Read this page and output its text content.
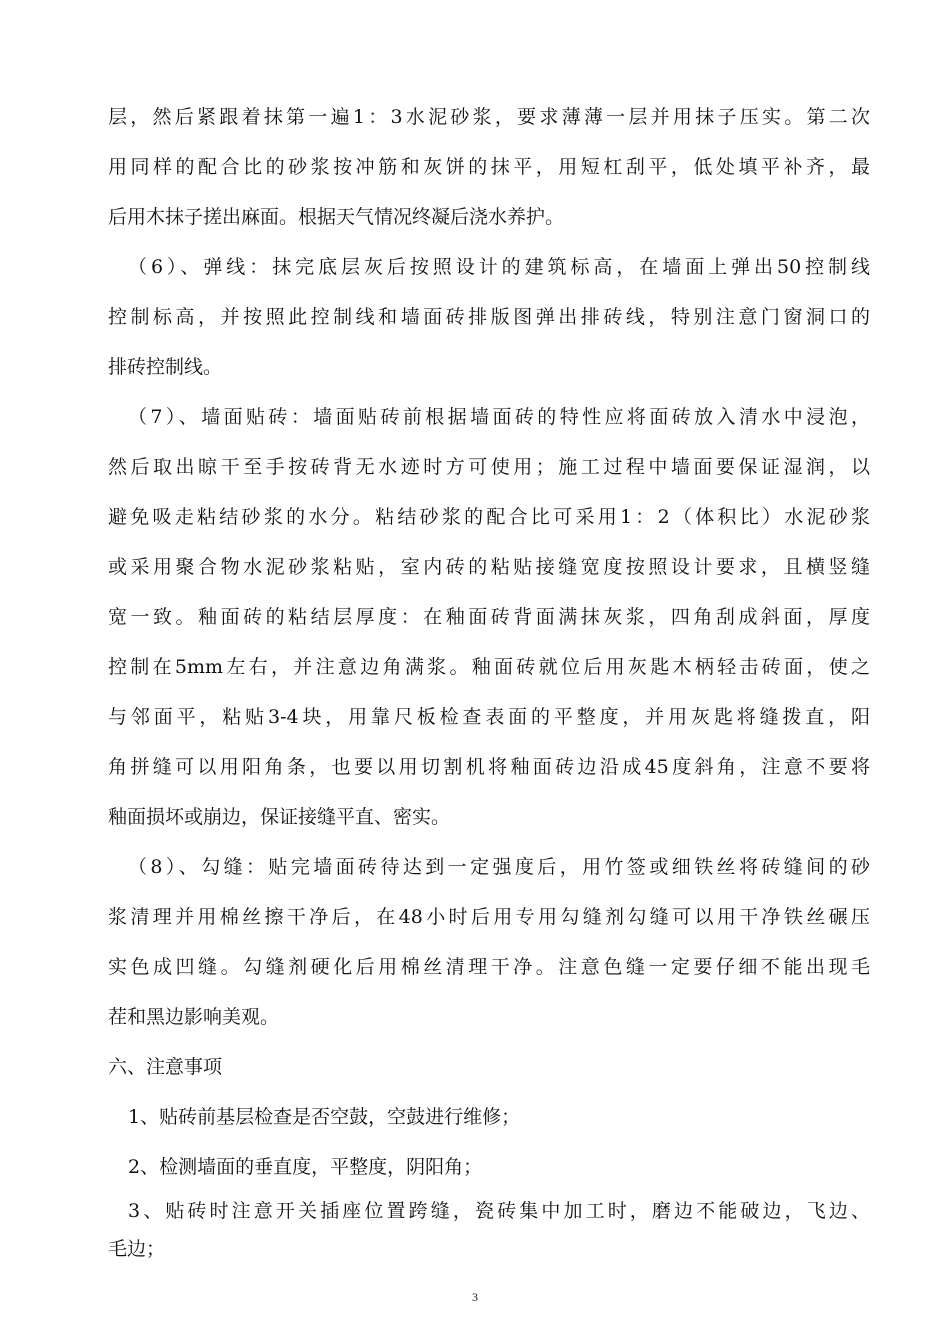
层，然后紧跟着抹第一遍1：3水泥砂浆，要求薄薄一层并用抹子压实。第二次
用同样的配合比的砂浆按冲筋和灰饼的抹平，用短杠刮平，低处填平补齐，最
后用木抹子搓出麻面。根据天气情况终凝后浇水养护。
（6）、弹线：抹完底层灰后按照设计的建筑标高，在墙面上弹出50控制线
控制标高，并按照此控制线和墙面砖排版图弹出排砖线，特别注意门窗洞口的
排砖控制线。
（7）、墙面贴砖：墙面贴砖前根据墙面砖的特性应将面砖放入清水中浸泡，
然后取出晾干至手按砖背无水迹时方可使用；施工过程中墙面要保证湿润，以
避免吸走粘结砂浆的水分。粘结砂浆的配合比可采用1：2（体积比）水泥砂浆
或采用聚合物水泥砂浆粘贴，室内砖的粘贴接缝宽度按照设计要求，且横竖缝
宽一致。釉面砖的粘结层厚度：在釉面砖背面满抹灰浆，四角刮成斜面，厚度
控制在5mm左右，并注意边角满浆。釉面砖就位后用灰匙木柄轻击砖面，使之
与邻面平，粘贴3-4块，用靠尺板检查表面的平整度，并用灰匙将缝拨直，阳
角拼缝可以用阳角条，也要以用切割机将釉面砖边沿成45度斜角，注意不要将
釉面损坏或崩边，保证接缝平直、密实。
（8）、勾缝：贴完墙面砖待达到一定强度后，用竹签或细铁丝将砖缝间的砂
浆清理并用棉丝擦干净后，在48小时后用专用勾缝剂勾缝可以用干净铁丝碾压
实色成凹缝。勾缝剂硬化后用棉丝清理干净。注意色缝一定要仔细不能出现毛
茬和黑边影响美观。
六、注意事项
1、贴砖前基层检查是否空鼓，空鼓进行维修；
2、检测墙面的垂直度，平整度，阴阳角；
3、贴砖时注意开关插座位置跨缝，瓷砖集中加工时，磨边不能破边，飞边、
毛边；
3
